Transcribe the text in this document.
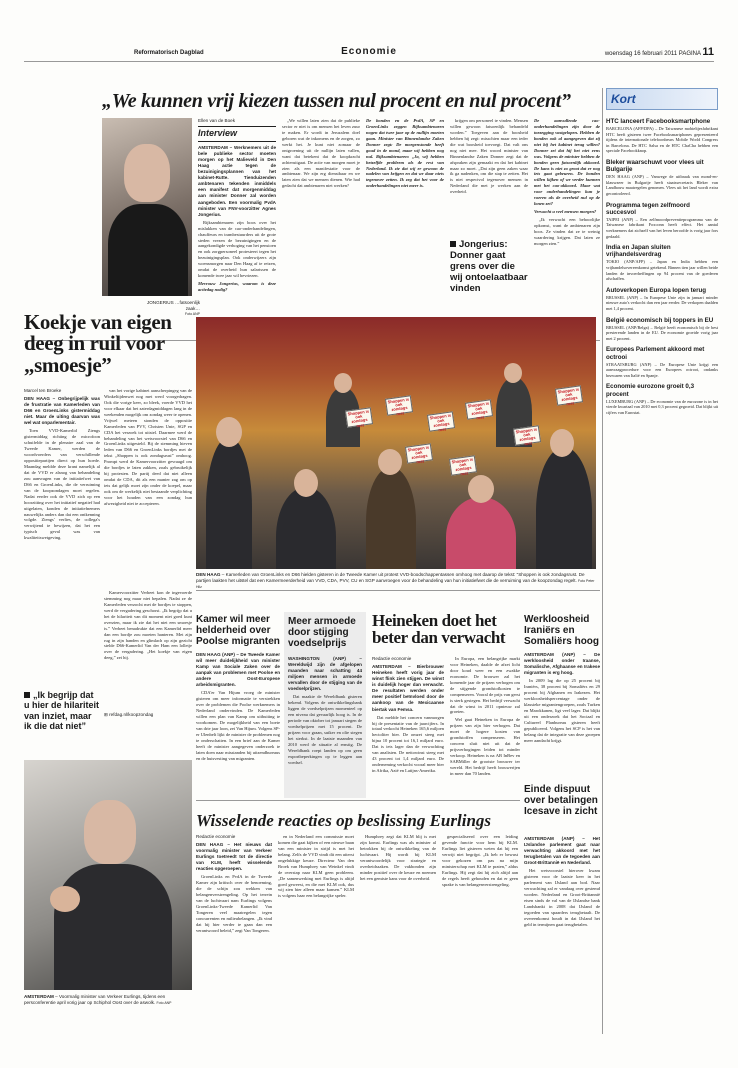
Reformatorisch Dagblad	Economie	woensdag 16 februari 2011 PAGINA 11
„We kunnen vrij kiezen tussen nul procent en nul procent”
JONGERIUS …fatsoenlijk zaak…
Foto ANP
Ellen van de Boek
Interview

AMSTERDAM – Werknemers uit de bele publieke sector moeten morgen op het Malieveld in Den Haag actie tegen de bezuinigingsplannen van het kabinet-Rutte. Tienduizenden ambtenaren tekenden inmiddels een manifest dat morgenmiddag aan minister Donner zal worden aangeboden. Een voormalig PvdA minister van FNV-voorzitter Agnes Jongerius.

Rijksambtenaren zijn boos over het mislukken van de cao-onderhandelingen, chauffeurs en trambestuurders uit de grote steden vrezen de bezuinigingen en de aangekondigde verhoging van het pensioen en ook zorgpersoneel protesteert tegen het bezuinigingsplan. Ook onderwijzers zijn woensmorgen naar Den Haag af te reizen, omdat de overheid hun salarissen de komende twee jaar wil bevriezen.

Mevrouw Jongerius, waarom is deze actiedag nodig?

„We willen laten zien dat de publieke sector er niet is om mensen het leven zuur te maken. Er wordt in Jeruzalem doel geboren wat de inkomens en de zorgen, zo werkt het. Je kunt niet zomaar de ontgroening uit de nullijn laten vallen, want dat betekent dat de koopkracht achteruitgaat. De actie van morgen moet je zien als een manifestatie voor de ambtenaar. We zijn erg dienstbaar en we laten zien dat we mensen dienen. Wie had gedacht dat ambtenaren niet werken?

De bonden en de PvdA, SP en GroenLinks zeggen Rijksambtenaren nogen dat twee jaar op de nullijn moeten gaan. Minister van Binnenlandse Zaken Donner zegt: De morgenstonde heeft goud in de mond, maar wij hebben nog nul. Rijksambtenaren: „Ja, wij hebben hetzelfde probleem als de rest van Nederland. Ik zie dat wij er gewoon de nadelen van krijgen en dat we daar niets tegenover zetten. Ik zeg dat het voor de onderhandelingen niet meer is.

krijgen om personeel te vinden. Mensen willen gewoon fatsoenlijk behandeld worden.” Toegeven aan de boosheid hebben hij zegt: misschien maar een ieder die wat boosheid toevoegt. Dat valt ons nog niet mee. Het woord minister van Binnenlandse Zaken Donner zegt dat de afspraken zijn gemaakt en dat het kabinet maar zo moet. „Dat zijn geen zaken waar ik ga nadenken, om die stap te zetten. Het is niet respectvol tegenover mensen in Nederland die met je werken aan de overheid.

Jongerius: Donner gaat grens over die wij ontoelaatbaar vinden

De aanvullende cao-onderhandelingen zijn door de toezegging vastgelopen. Hebben de bonden ook al aangegeven dat zij niet bij het kabinet terug willen? Donner zei dat hij het niet eens was. Volgens de minister hebben de bonden geen fatsoenlijk akkoord. De kans is niet zo groot dat er nog iets gaat gebeuren. De bonden willen kijken of we verder kunnen met het cao-akkoord. Maar wat voor onderhandelingen kun je voeren als de overheid nul op de lonen zet?

Verwacht u veel mensen morgen?

„Ik verwacht een behoorlijke opkomst, want de ambtenaren zijn boos. Ze vinden dat ze te weinig waardering krijgen. Dat laten ze morgen zien.”

Koekje van eigen deeg in ruil voor „smoesje”
Marcel ten Broeke

DEN HAAG – Onbegrijpelijk was de frustratie van Kamerleden van D66 en GroenLinks gistermiddag niet. Maar de uiting daarvan was wel wat onparlementair.

Toen VVD-Kamerlid Ziengs gistermiddag richting de microfoon schuifelde in de plenaire zaal van de Tweede Kamer, werden de woordvoerders van verschillende oppositiepartijen direct op hun hoede. Maandag meldde deze krant namelijk al dat de VVD er alsnog van behandeling zou aanvragen van de initiatiefwet van D66 en GroenLinks, die de verruiming van de koopzondagen moet regelen. Nadat eerder ook de VVD zich op een hoorzitting over het initiatief negatief had uitgelaten, konden de initiatiefnemers nauwelijks anders dan dat een ontkenning volgde. Ziengs' verlies, de collega's verwijtend te bewijzen, dat het een typisch geval was van kwaliteitswetgeving.

van het vorige kabinet aanscherpingeg van de Winkeltijdenwet nog met werd voorgedragen. Ook die vorige keer, zo bleek, voerde VVD het voor elkaar dat het zaterdagmiddagen lang in de weekenden mogelijk om zondag weer te openen. Vrijwel meteen stonden de oppositie Kamerleden van PVV, Christen Unie, SGP en CDA het verzoek tot uitstel. Daarmee werd de behandeling van het wetsvoorstel van D66 en GroenLinks uitgesteld. Bij de stemming hieven leden van D66 en GroenLinks bordjes met de tekst „Shoppen is ook zondagsrust” omhoog. Prompt werd de Kamervoorzitter gevraagd om die bordjes te laten zakken, zoals gebruikelijk bij protesten. De partij deed dat niet alleen omdat de CDA, dit als een manier zag om op iets dat gelijk moet zijn onder de koepel, maar ook om de werkelijk niet bestaande verplichting voor het houden van een zondag hun afwezigheid niet te accepteren.

Kamervoorzitter Verbeet kon de ingevoerde stemming nog maar niet bepalen. Nadat ze de Kamerleden verzocht met de bordjes te stoppen, werd de vergadering geschorst. „Ik begrijp dat u het de hilariteit van dit moment niet goed kunt overzien, maar ik zie dat het niet een smoesje is.” Verbeet benadrukte dat een Kamerlid meer dan een bordje zou moeten hanteren. Met zijn rug in zijn handen en glimlach op zijn gezicht stelde D66-Kamerlid Van der Ham een lolletje over de vergadering. „Het koekje van eigen deeg,” zei hij.

„Ik begrijp dat u hier de hilariteit van inziet, maar ik die dat niet”
⊞ refdag.nl/koopzondag
Shoppen is ook zondags rust
Shoppen is ook zondags rust	Shoppen is ook zondags rust
Shoppen is ook zondags rust
Shoppen is ook zondags rust
Shoppen is ook zondags rust	Shoppen is ook zondags rust
Shoppen is ook zondags rust
DEN HAAG – Kamerleden van GroenLinks en D66 hielden gisteren in de Tweede Kamer uit protest VVD-boodschappentassen omhoog met daarop de tekst: “Shoppen is ook zondagsrust. De partijen laakten het uitstel dat een Kamermeerderheid van VVD, CDA, PVV, CU en SGP aanvroegen voor de behandeling van hun initiatiefwet die de verruiming van de koopzondag regelt. Foto Peter Hilz
Kamer wil meer helderheid over Poolse migranten

DEN HAAG (ANP) – De Tweede Kamer wil meer duidelijkheid van minister Kamp van Sociale Zaken over de aanpak van problemen met Poolse en andere Oost-Europese arbeidsmigranten.

CDA'er Van Hijum vroeg de minister gisteren om meer informatie te verstrekken over de problemen die Poolse werknemers in Nederland ondervinden. De Kamerleden willen een plan van Kamp om uitbuiting te voorkomen. De mogelijkheid van een boete van drie jaar loon, zei Van Hijum. Volgens SP-er Ulenbelt lijkt de minister de problemen nog te onderschatten. In een brief aan de Kamer heeft de minister aangegeven onderzoek te laten doen naar misstanden bij uitzendbureaus en de huisvesting van migranten.

Meer armoede door stijging voedselprijs

WASHINGTON (ANP) – Wereldwijd zijn de afgelopen maanden naar schatting 44 miljoen mensen in armoede vervallen door de stijging van de voedselprijzen.

Dat maakte de Wereldbank gisteren bekend. Volgens de ontwikkelingsbank liggen de voedselprijzen momenteel op een niveau dat gevaarlijk hoog is. In de periode van oktober tot januari stegen de voedselprijzen met 15 procent. De prijzen voor graan, suiker en olie stegen het sterkst. In de laatste maanden van 2010 werd de situatie al ernstig. De Wereldbank roept landen op om geen exportbeperkingen op te leggen aan voedsel.

Heineken doet het beter dan verwacht
Redactie economie

AMSTERDAM – Bierbrouwer Heineken heeft vorig jaar de winst flink zien stijgen. De winst is duidelijk hoger dan verwacht. De resultaten werden onder meer positief beïnvloed door de aankoop van de Mexicaanse biertak van Femsa.

Dat meldde het concern vanmorgen bij de presentatie van de jaarcijfers. In totaal verkocht Heineken 165,6 miljoen hectoliter bier. De omzet steeg met bijna 10 procent tot 16,1 miljard euro. Dat is iets lager dan de verwachting van analisten. De nettowinst steeg met 43 procent tot 1,4 miljard euro. De onderneming verkocht vooral meer bier in Afrika, Azië en Latijns-Amerika.

In Europa, een belangrijke markt voor Heineken, daalde de afzet licht door koud weer en een zwakke economie. De brouwer zal het komende jaar de prijzen verhogen om de stijgende grondstofkosten te compenseren. Vooral de prijs van gerst is sterk gestegen. Het bedrijf verwacht dat de winst in 2011 opnieuw zal groeien.

Wel gaat Heineken in Europa de prijzen van zijn bier verhogen. Dat moet de hogere kosten van grondstoffen compenseren. Het concern sluit niet uit dat de prijsverhogingen leiden tot minder verkoop. Heineken is na AB InBev en SABMiller de grootste brouwer ter wereld. Het bedrijf heeft brouwerijen in meer dan 70 landen.

Werkloosheid Iraniërs en Somaliërs hoog

AMSTERDAM (ANP) – De werkloosheid onder Iraanse, Somalische, Afghaanse en Irakese migranten is erg hoog.

In 2009 lag die op 25 procent bij Iraniërs, 38 procent bij Somaliërs en 29 procent bij Afghanen en Irakezen. Het werkloosheidspercentage onder de klassieke migrantengroepen, zoals Turken en Marokkanen, ligt veel lager. Dat blijkt uit een onderzoek dat het Sociaal en Cultureel Planbureau gisteren heeft gepubliceerd. Volgens het SCP is het van belang dat de integratie van deze groepen meer aandacht krijgt.

AMSTERDAM – Voormalig minister van Verkeer Eurlings, tijdens een persconferentie april vorig jaar op Schiphol Oost over de aswolk. Foto ANP
Wisselende reacties op beslissing Eurlings
Redactie economie

DEN HAAG – Het nieuws dat voormalig minister van Verkeer Eurlings toetreedt tot de directie van KLM, heeft wisselende reacties opgeroepen.

GroenLinks en PvdA in de Tweede Kamer zijn kritisch over de benoeming, die de schijn zou wekken van belangenverstrengeling. Op het terrein van de luchtvaart nam Eurlings volgens GroenLinks-Tweede Kamerlid Van Tongeren veel maatregelen tegen concurrenten en milieubelangen. „Ik vind dat hij hier verder te gaan dan een verantwoord beleid,” zegt Van Tongeren.

en in Nederland een commissie moet komen die gaat kijken of een nieuwe baan van een minister in strijd is met het belang. Zelfs de VVD vindt dit een uiterst ongelukkige keuze. Directeur Van den Broek van Humphrey van Weinkel vindt de overstap naar KLM geen probleem. „De samenwerking met Eurlings is altijd goed geweest, en die met KLM ook, dus wij zien hier alleen maar kansen.” KLM is volgens haar een belangrijke speler.

Humphrey zegt dat KLM blij is met zijn komst. Eurlings was als minister al betrokken bij de ontwikkeling van de luchtvaart. Hij wordt bij KLM verantwoordelijk voor strategie en overheidszaken. De vakbonden zijn minder positief over de keuze en noemen het een gemiste kans voor de overheid.

gespecialiseerd over een leiding gevende functie voor hem bij KLM. Eurlings liet gisteren weten dat hij een verwijt niet begrijpt. „Ik heb er bewust voor gekozen om pas na mijn ministerschap met KLM te praten,” aldus Eurlings. Hij zegt dat hij zich altijd aan de regels heeft gehouden en dat er geen sprake is van belangenverstrengeling.

Einde dispuut over betalingen Icesave in zicht

AMSTERDAM (ANP) – Het IJslandse parlement gaat naar verwachting akkoord met het terugbetalen van de tegoeden aan Groot-Brittannië en Nederland.

Het wetsvoorstel hierover kwam gisteren voor de laatste keer in het parlement van IJsland aan bod. Naar verwachting zal er vandaag over gestemd worden. Nederland en Groot-Brittannië eisen sinds de val van de IJslandse bank Landsbanki in 2008 dat IJsland de tegoeden van spaarders terugbetaalt. De overeenkomst houdt in dat IJsland het geld in termijnen gaat terugbetalen.

Kort
HTC lanceert Facebooksmartphone
BARCELONA (AFP/DPA) – De Taiwanese mobieltjesfabrikant HTC heeft gisteren twee Facebooksmartphones gepresenteerd tijdens de internationale telefoonbeurs Mobile World Congress in Barcelona. De HTC Salsa en de HTC ChaCha hebben een speciale Facebookknop.
Bleker waarschuwt voor vlees uit Bulgarije
DEN HAAG (ANP) – Vanwege de uitbraak van mond-en-klauwzeer in Bulgarije heeft staatssecretaris Bleker van Landbouw maatregelen genomen. Vlees uit het land wordt extra gecontroleerd.
Programma tegen zelfmoord succesvol
TAIPEI (ANP) – Een zelfmoordpreventieprogramma van de Taiwanese fabrikant Foxconn heeft effect. Het aantal werknemers dat zichzelf van het leven beroofde is vorig jaar fors gedaald.
India en Japan sluiten vrijhandelsverdrag
TOKIO (ANP/AFP) – Japan en India hebben een vrijhandelsovereenkomst getekend. Binnen tien jaar willen beide landen de invoerheffingen op 94 procent van de goederen afschaffen.
Autoverkopen Europa lopen terug
BRUSSEL (ANP) – In Europese Unie zijn in januari minder nieuwe auto's verkocht dan een jaar eerder. De verkopen daalden met 1,4 procent.
België economisch bij toppers in EU
BRUSSEL (ANP/Belga) – België heeft economisch bij de best presterende landen in de EU. De economie groeide vorig jaar met 2 procent.
Europees Parlement akkoord met octrooi
STRAATSBURG (ANP) – De Europese Unie krijgt een aanvraagprocedure voor een Europees octrooi, ondanks bezwaren van Italië en Spanje.
Economie eurozone groeit 0,3 procent
LUXEMBURG (ANP) – De economie van de eurozone is in het vierde kwartaal van 2010 met 0,3 procent gegroeid. Dat blijkt uit cijfers van Eurostat.
